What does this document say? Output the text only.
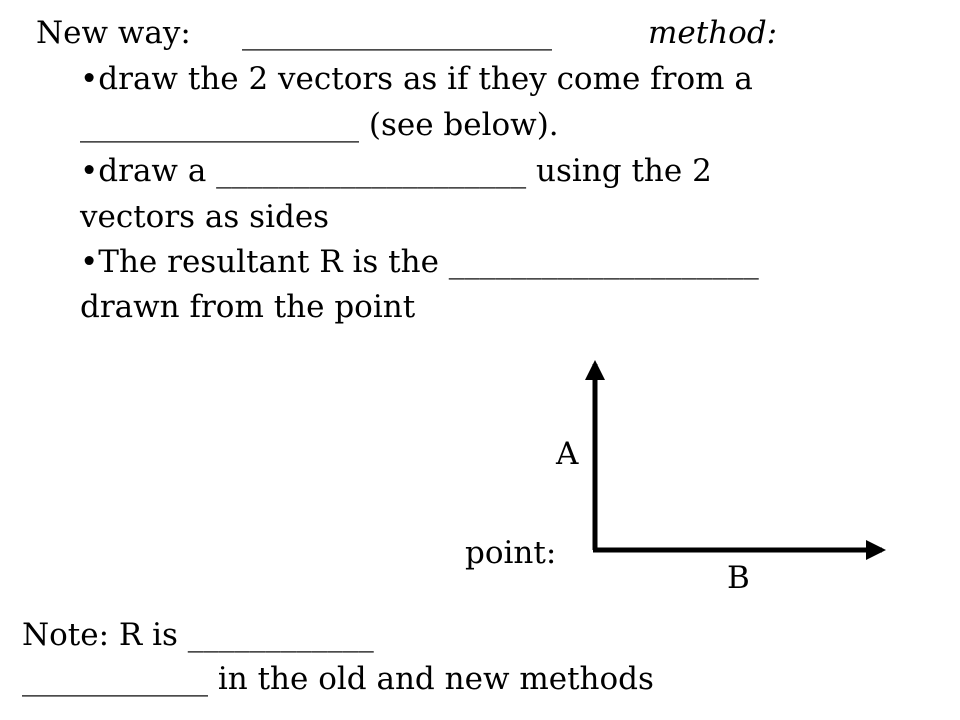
New way: ____________________	method:
•draw the 2 vectors as if they come from a
__________________ (see below).
•draw a ____________________ using the 2
vectors as sides
•The resultant R is the ____________________
drawn from the point
A
point:
B
Note: R is ____________
____________ in the old and new methods
